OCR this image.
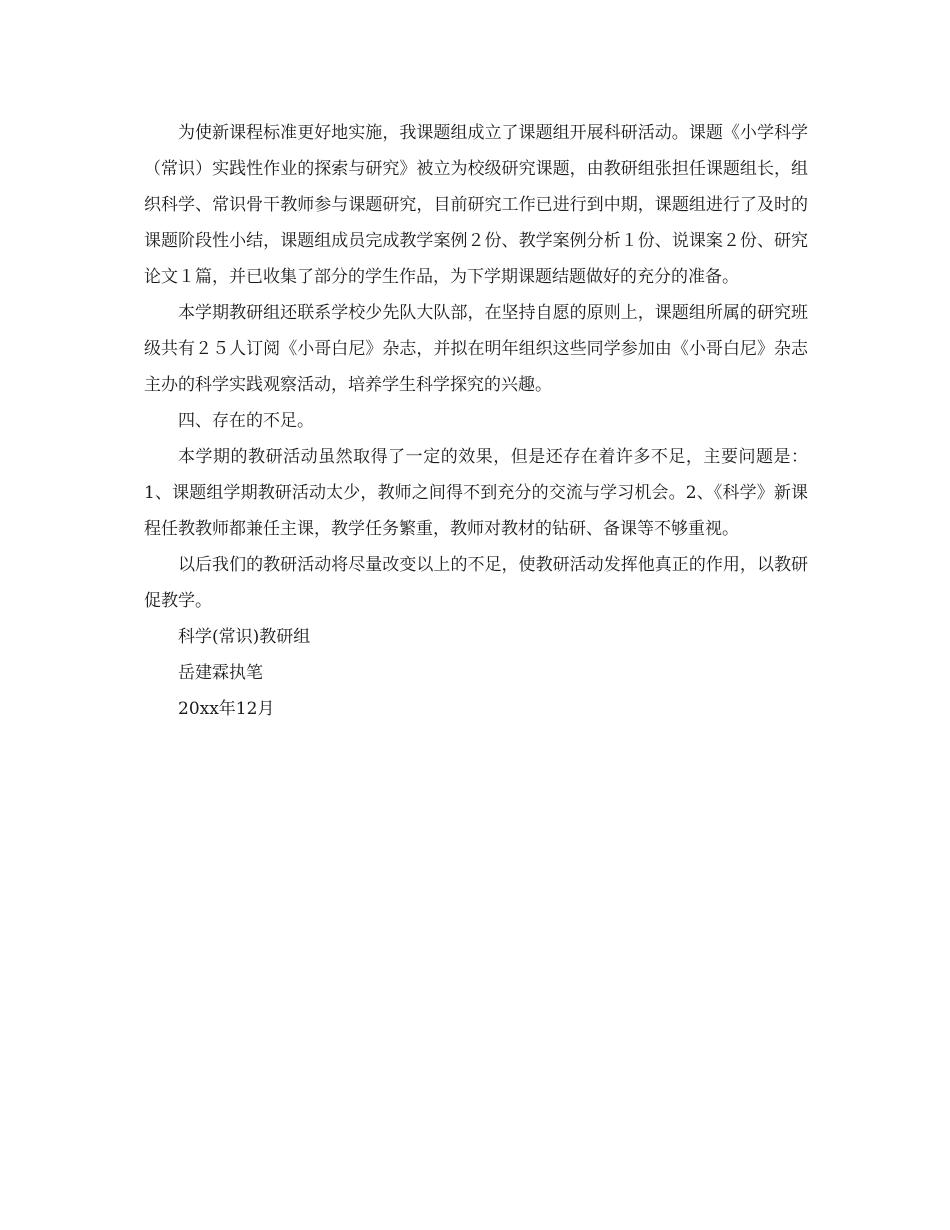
为使新课程标准更好地实施，我课题组成立了课题组开展科研活动。课题《小学科学（常识）实践性作业的探索与研究》被立为校级研究课题，由教研组张担任课题组长，组织科学、常识骨干教师参与课题研究，目前研究工作已进行到中期，课题组进行了及时的课题阶段性小结，课题组成员完成教学案例２份、教学案例分析１份、说课案２份、研究论文１篇，并已收集了部分的学生作品，为下学期课题结题做好的充分的准备。

本学期教研组还联系学校少先队大队部，在坚持自愿的原则上，课题组所属的研究班级共有２５人订阅《小哥白尼》杂志，并拟在明年组织这些同学参加由《小哥白尼》杂志主办的科学实践观察活动，培养学生科学探究的兴趣。

四、存在的不足。

本学期的教研活动虽然取得了一定的效果，但是还存在着许多不足，主要问题是：1、课题组学期教研活动太少，教师之间得不到充分的交流与学习机会。2、《科学》新课程任教教师都兼任主课，教学任务繁重，教师对教材的钻研、备课等不够重视。

以后我们的教研活动将尽量改变以上的不足，使教研活动发挥他真正的作用，以教研促教学。

科学(常识)教研组

岳建霖执笔

20xx年12月
